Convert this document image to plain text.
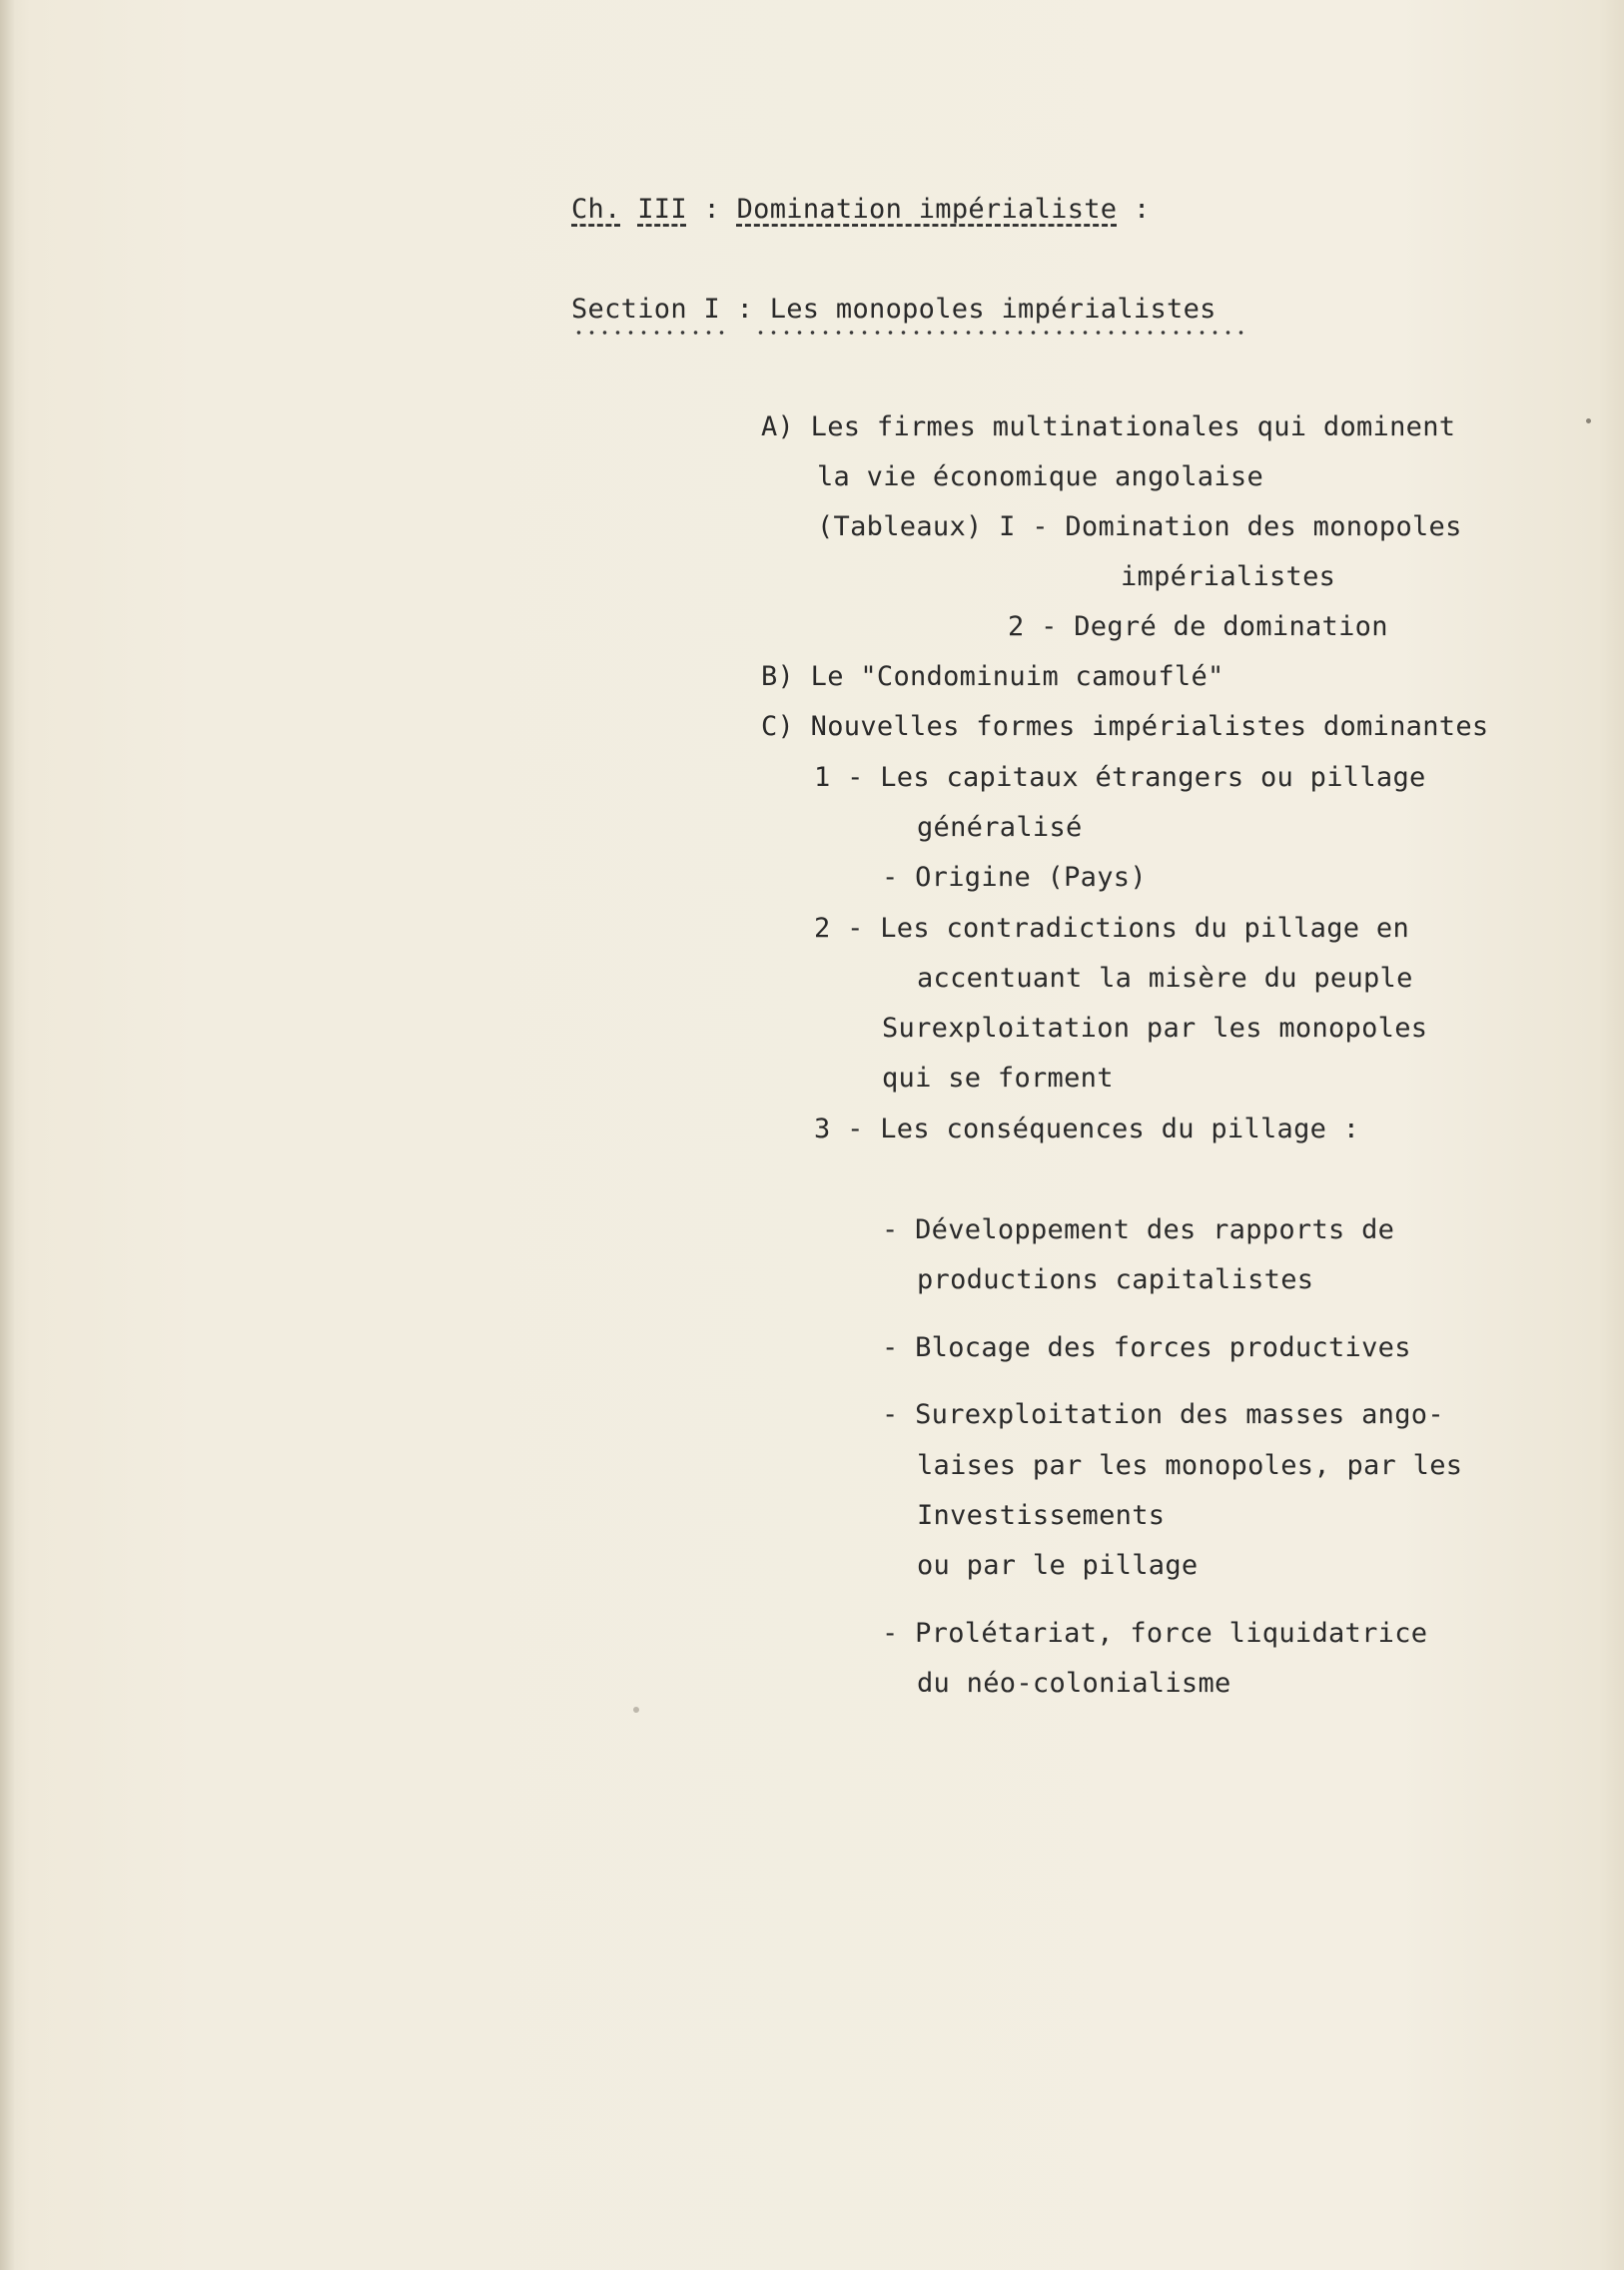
Ch. III : Domination impérialiste :
Section I : Les monopoles impérialistes
A) Les firmes multinationales qui dominent
la vie économique angolaise
(Tableaux) I - Domination des monopoles
impérialistes
2 - Degré de domination
B) Le "Condominuim camouflé"
C) Nouvelles formes impérialistes dominantes
1 - Les capitaux étrangers ou pillage
généralisé
- Origine (Pays)
2 - Les contradictions du pillage en
accentuant la misère du peuple
Surexploitation par les monopoles
qui se forment
3 - Les conséquences du pillage :
- Développement des rapports de
productions capitalistes
- Blocage des forces productives
- Surexploitation des masses ango-
laises par les monopoles, par les
Investissements
ou par le pillage
- Prolétariat, force liquidatrice
du néo-colonialisme
